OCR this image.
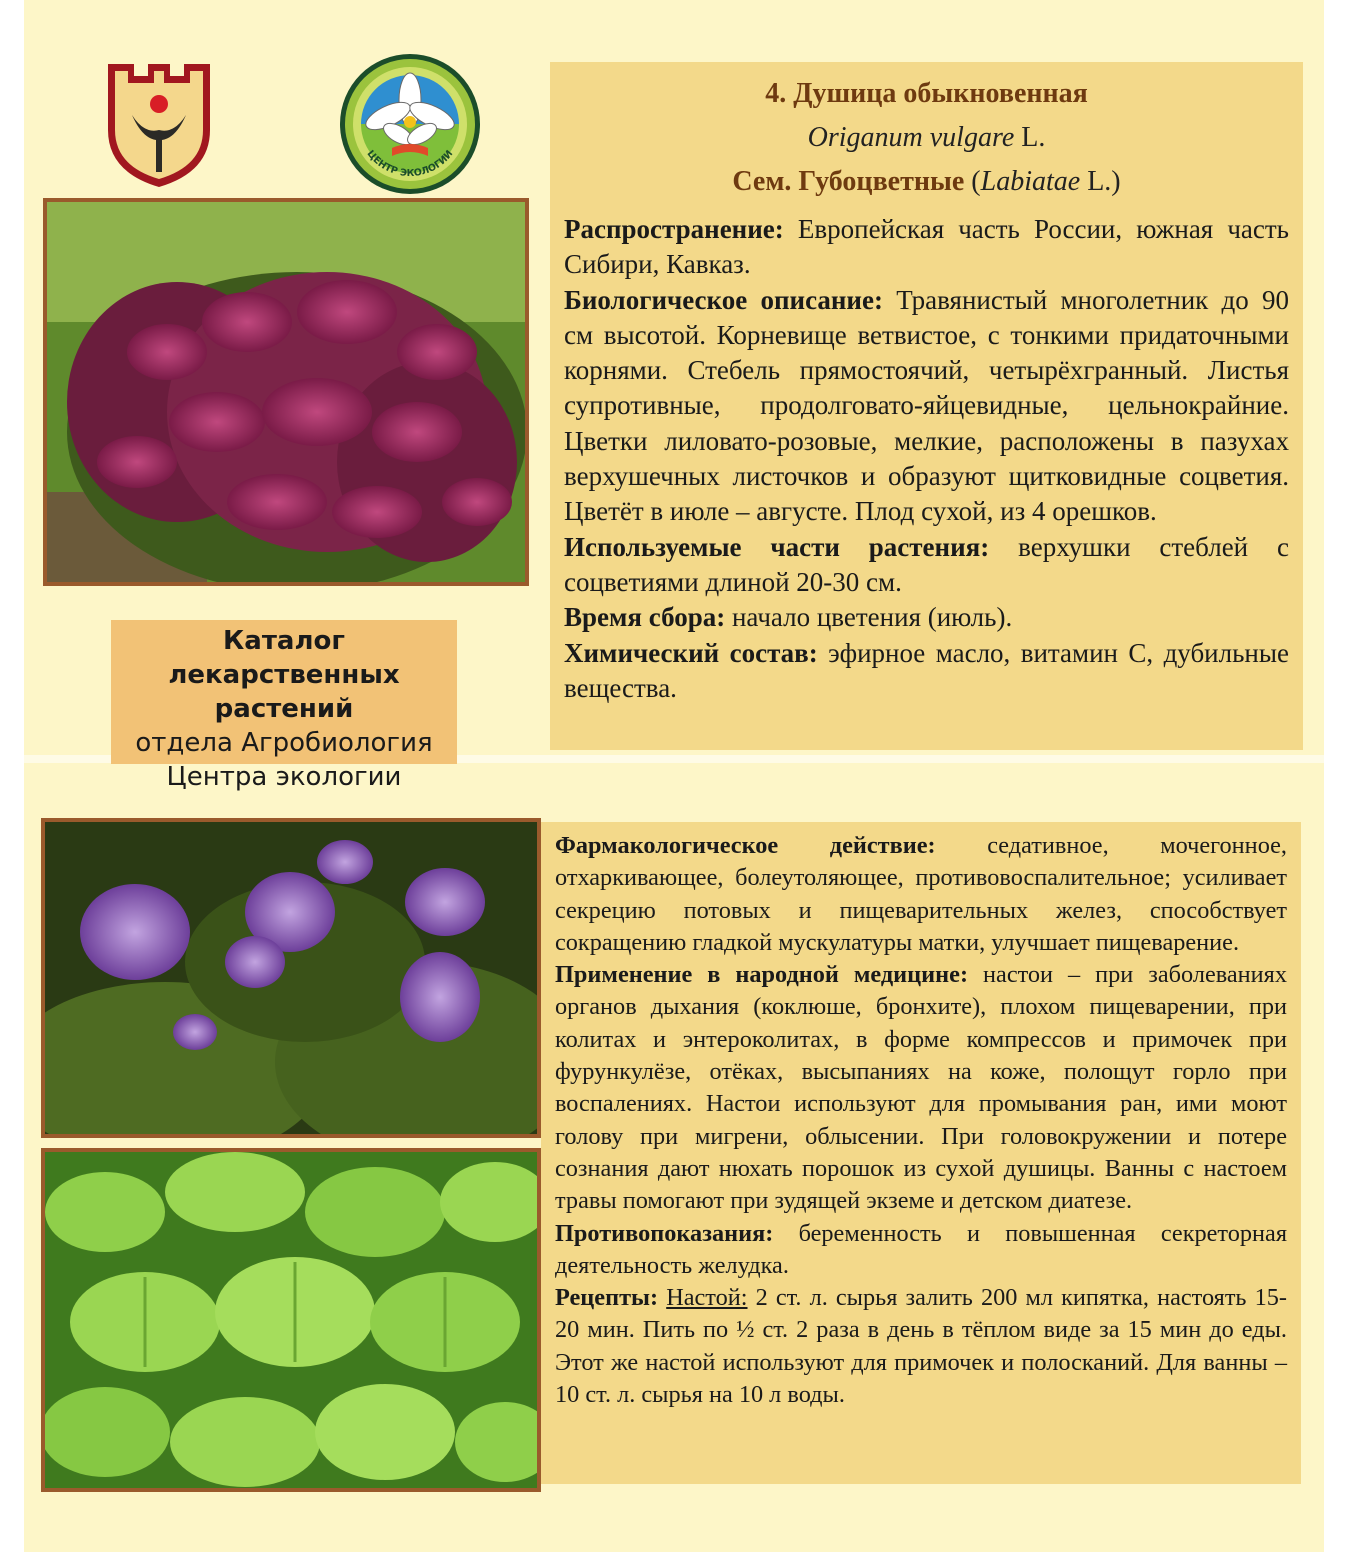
ЦЕНТР ЭКОЛОГИИ
Каталог лекарственных
растений
отдела Агробиология
Центра экологии
4. Душица обыкновенная
Origanum vulgare L.
Сем. Губоцветные (Labiatae L.)

Распространение: Европейская часть России, южная часть Сибири, Кавказ.

Биологическое описание: Травянистый многолетник до 90 см высотой. Корневище ветвистое, с тонкими придаточными корнями. Стебель прямостоячий, четырёхгранный. Листья супротивные, продолговато-яйцевидные, цельнокрайние. Цветки лиловато-розовые, мелкие, расположены в пазухах верхушечных листочков и образуют щитковидные соцветия. Цветёт в июле – августе. Плод сухой, из 4 орешков.

Используемые части растения: верхушки стеблей с соцветиями длиной 20-30 см.

Время сбора: начало цветения (июль).

Химический состав: эфирное масло, витамин С, дубильные вещества.

Фармакологическое действие: седативное, мочегонное, отхаркивающее, болеутоляющее, противовоспалительное; усиливает секрецию потовых и пищеварительных желез, способствует сокращению гладкой мускулатуры матки, улучшает пищеварение.

Применение в народной медицине: настои – при заболеваниях органов дыхания (коклюше, бронхите), плохом пищеварении, при колитах и энтероколитах, в форме компрессов и примочек при фурункулёзе, отёках, высыпаниях на коже, полощут горло при воспалениях. Настои используют для промывания ран, ими моют голову при мигрени, облысении. При головокружении и потере сознания дают нюхать порошок из сухой душицы. Ванны с настоем травы помогают при зудящей экземе и детском диатезе.

Противопоказания: беременность и повышенная секреторная деятельность желудка.

Рецепты: Настой: 2 ст. л. сырья залить 200 мл кипятка, настоять 15-20 мин. Пить по ½ ст. 2 раза в день в тёплом виде за 15 мин до еды. Этот же настой используют для примочек и полосканий. Для ванны – 10 ст. л. сырья на 10 л воды.
